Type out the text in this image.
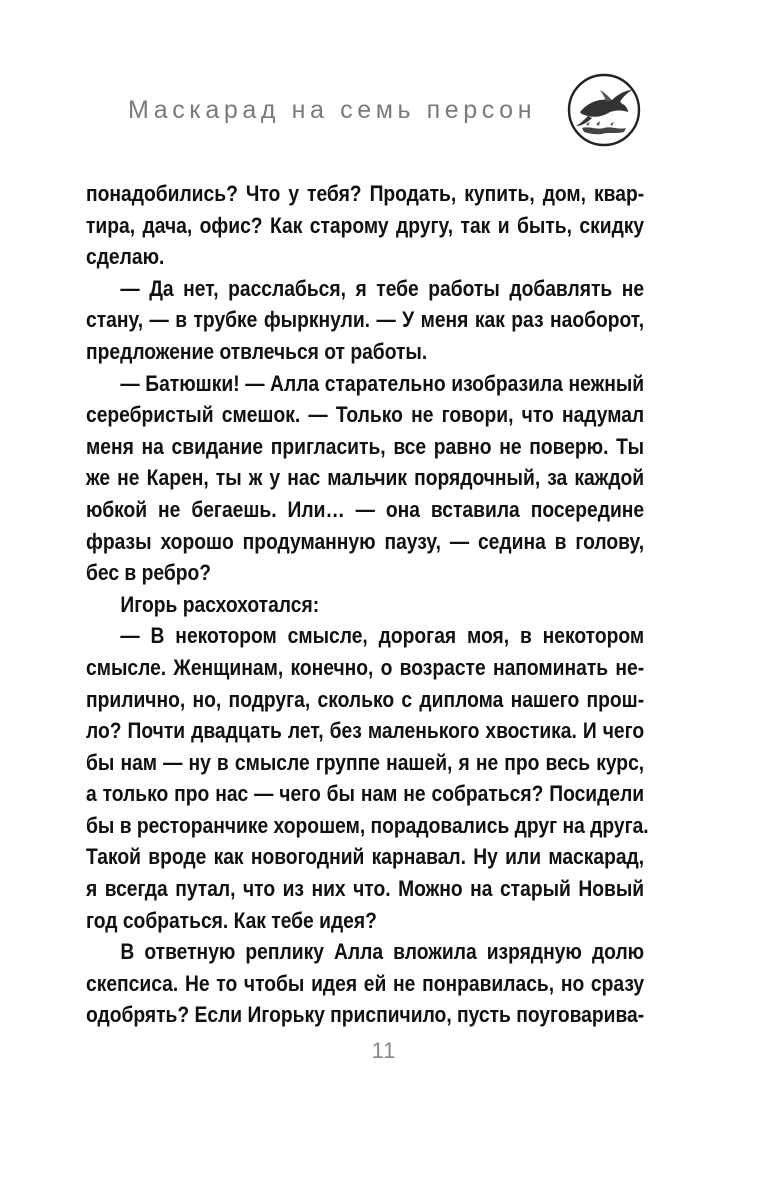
Маскарад на семь персон
понадобились? Что у тебя? Продать, купить, дом, квар-
тира, дача, офис? Как старому другу, так и быть, скидку
сделаю.
— Да нет, расслабься, я тебе работы добавлять не
стану, — в трубке фыркнули. — У меня как раз наоборот,
предложение отвлечься от работы.
— Батюшки! — Алла старательно изобразила нежный
серебристый смешок. — Только не говори, что надумал
меня на свидание пригласить, все равно не поверю. Ты
же не Карен, ты ж у нас мальчик порядочный, за каждой
юбкой не бегаешь. Или… — она вставила посередине
фразы хорошо продуманную паузу, — седина в голову,
бес в ребро?
Игорь расхохотался:
— В некотором смысле, дорогая моя, в некотором
смысле. Женщинам, конечно, о возрасте напоминать не-
прилично, но, подруга, сколько с диплома нашего прош-
ло? Почти двадцать лет, без маленького хвостика. И чего
бы нам — ну в смысле группе нашей, я не про весь курс,
а только про нас — чего бы нам не собраться? Посидели
бы в ресторанчике хорошем, порадовались друг на друга.
Такой вроде как новогодний карнавал. Ну или маскарад,
я всегда путал, что из них что. Можно на старый Новый
год собраться. Как тебе идея?
В ответную реплику Алла вложила изрядную долю
скепсиса. Не то чтобы идея ей не понравилась, но сразу
одобрять? Если Игорьку приспичило, пусть поуговарива-
11
